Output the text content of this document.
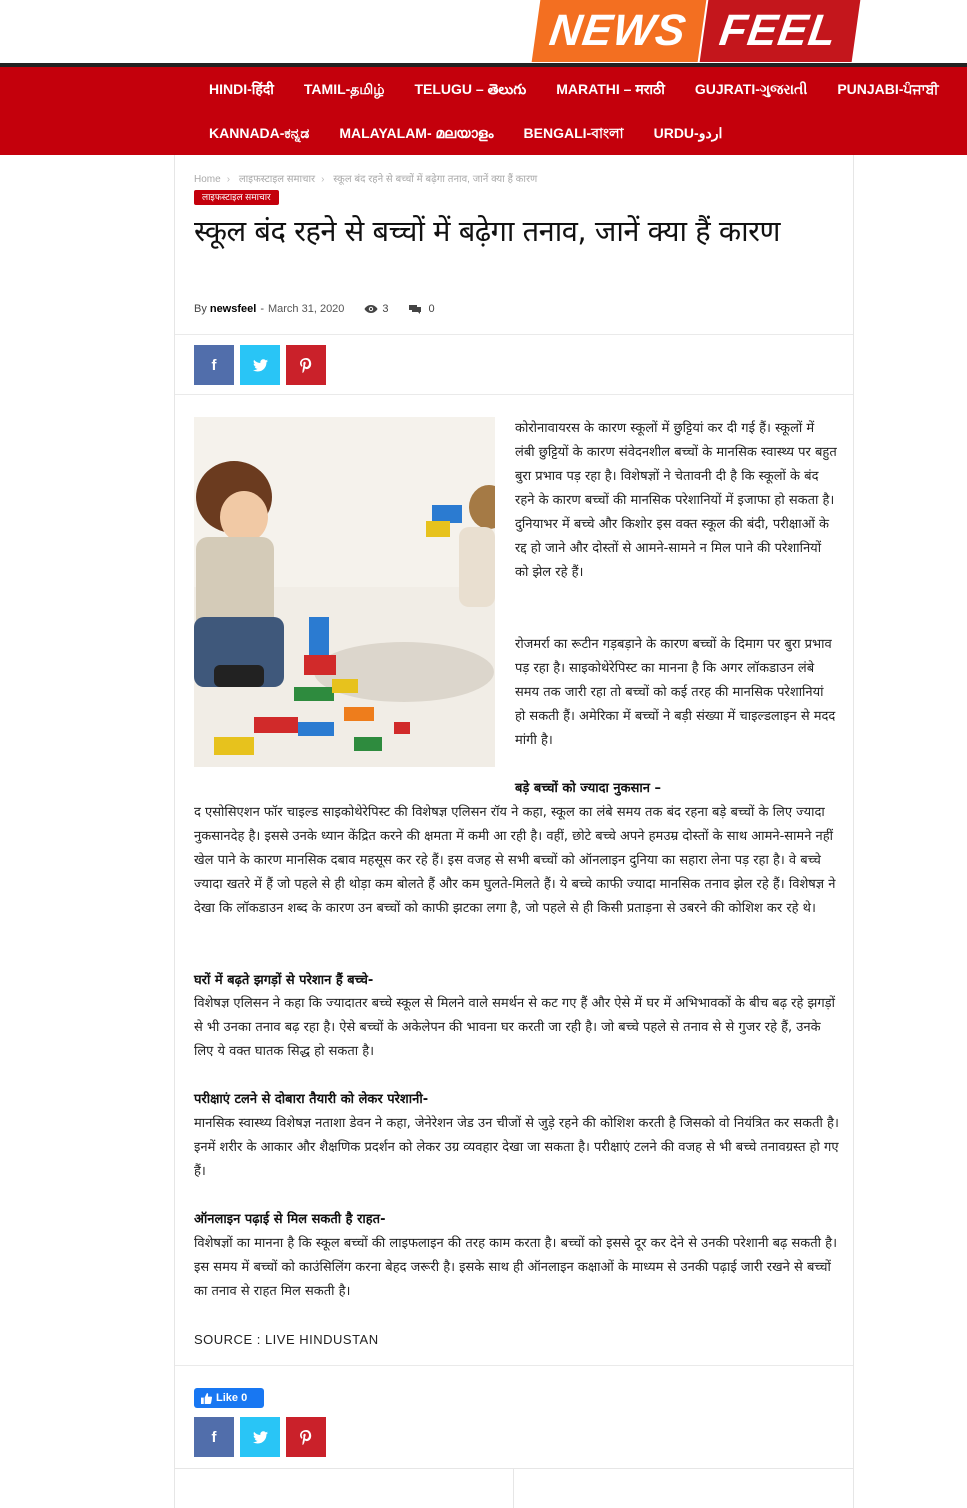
NEWS FEEL
HINDI-हिंदी TAMIL-தமிழ் TELUGU – తెలుగు MARATHI – मराठी GUJRATI-ગુજરાતી PUNJABI-ਪੰਜਾਬੀ
KANNADA-ಕನ್ನಡ MALAYALAM- മലയാളം BENGALI-বাংলা URDU-اردو
Home › लाइफस्टाइल समाचार › स्कूल बंद रहने से बच्चों में बढ़ेगा तनाव, जानें क्या हैं कारण
लाइफस्टाइल समाचार
स्कूल बंद रहने से बच्चों में बढ़ेगा तनाव, जानें क्या हैं कारण
By newsfeel - March 31, 2020	3	0
f

कोरोनावायरस के कारण स्कूलों में छुट्टियां कर दी गई हैं। स्कूलों में लंबी छुट्टियों के कारण संवेदनशील बच्चों के मानसिक स्वास्थ्य पर बहुत बुरा प्रभाव पड़ रहा है। विशेषज्ञों ने चेतावनी दी है कि स्कूलों के बंद रहने के कारण बच्चों की मानसिक परेशानियों में इजाफा हो सकता है। दुनियाभर में बच्चे और किशोर इस वक्त स्कूल की बंदी, परीक्षाओं के रद्द हो जाने और दोस्तों से आमने-सामने न मिल पाने की परेशानियों को झेल रहे हैं।

रोजमर्रा का रूटीन गड़बड़ाने के कारण बच्चों के दिमाग पर बुरा प्रभाव पड़ रहा है। साइकोथेरेपिस्ट का मानना है कि अगर लॉकडाउन लंबे समय तक जारी रहा तो बच्चों को कई तरह की मानसिक परेशानियां हो सकती हैं। अमेरिका में बच्चों ने बड़ी संख्या में चाइल्डलाइन से मदद मांगी है।

बड़े बच्चों को ज्यादा नुकसान –

द एसोसिएशन फॉर चाइल्ड साइकोथेरेपिस्ट की विशेषज्ञ एलिसन रॉय ने कहा, स्कूल का लंबे समय तक बंद रहना बड़े बच्चों के लिए ज्यादा नुकसानदेह है। इससे उनके ध्यान केंद्रित करने की क्षमता में कमी आ रही है। वहीं, छोटे बच्चे अपने हमउम्र दोस्तों के साथ आमने-सामने नहीं खेल पाने के कारण मानसिक दबाव महसूस कर रहे हैं। इस वजह से सभी बच्चों को ऑनलाइन दुनिया का सहारा लेना पड़ रहा है। वे बच्चे ज्यादा खतरे में हैं जो पहले से ही थोड़ा कम बोलते हैं और कम घुलते-मिलते हैं। ये बच्चे काफी ज्यादा मानसिक तनाव झेल रहे हैं। विशेषज्ञ ने देखा कि लॉकडाउन शब्द के कारण उन बच्चों को काफी झटका लगा है, जो पहले से ही किसी प्रताड़ना से उबरने की कोशिश कर रहे थे।

घरों में बढ़ते झगड़ों से परेशान हैं बच्चे-

विशेषज्ञ एलिसन ने कहा कि ज्यादातर बच्चे स्कूल से मिलने वाले समर्थन से कट गए हैं और ऐसे में घर में अभिभावकों के बीच बढ़ रहे झगड़ों से भी उनका तनाव बढ़ रहा है। ऐसे बच्चों के अकेलेपन की भावना घर करती जा रही है। जो बच्चे पहले से तनाव से से गुजर रहे हैं, उनके लिए ये वक्त घातक सिद्ध हो सकता है।

परीक्षाएं टलने से दोबारा तैयारी को लेकर परेशानी-

मानसिक स्वास्थ्य विशेषज्ञ नताशा डेवन ने कहा, जेनेरेशन जेड उन चीजों से जुड़े रहने की कोशिश करती है जिसको वो नियंत्रित कर सकती है। इनमें शरीर के आकार और शैक्षणिक प्रदर्शन को लेकर उग्र व्यवहार देखा जा सकता है। परीक्षाएं टलने की वजह से भी बच्चे तनावग्रस्त हो गए हैं।

ऑनलाइन पढ़ाई से मिल सकती है राहत-

विशेषज्ञों का मानना है कि स्कूल बच्चों की लाइफलाइन की तरह काम करता है। बच्चों को इससे दूर कर देने से उनकी परेशानी बढ़ सकती है। इस समय में बच्चों को काउंसिलिंग करना बेहद जरूरी है। इसके साथ ही ऑनलाइन कक्षाओं के माध्यम से उनकी पढ़ाई जारी रखने से बच्चों का तनाव से राहत मिल सकती है।

SOURCE : LIVE HINDUSTAN
Like
0
f
